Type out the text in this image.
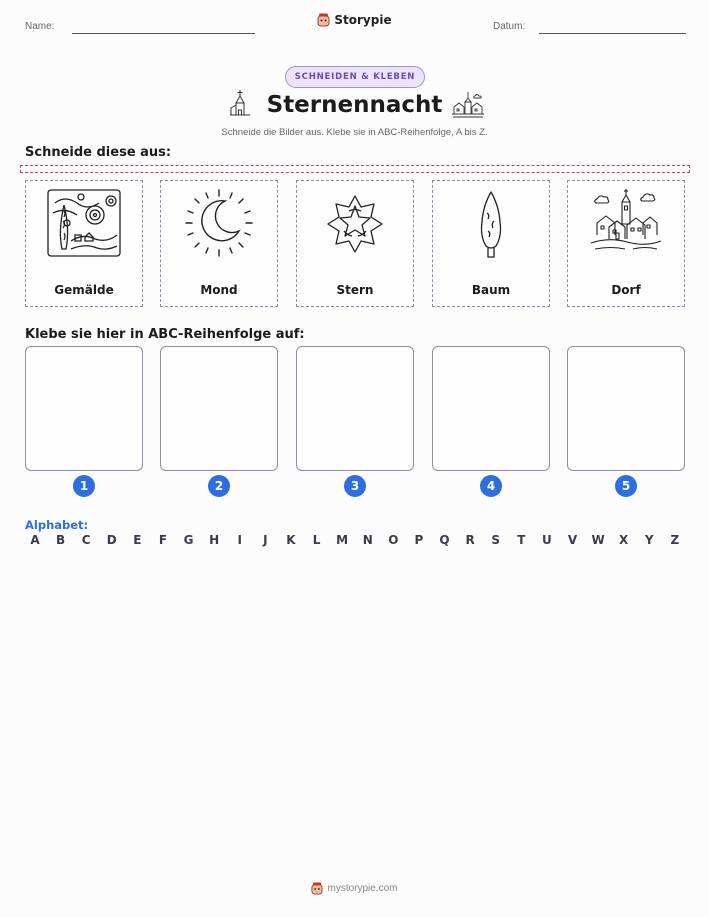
Name:	Storypie	Datum:
SCHNEIDEN & KLEBEN
Sternennacht
Schneide die Bilder aus. Klebe sie in ABC-Reihenfolge, A bis Z.
Schneide diese aus:
Gemälde	Mond	Stern	Baum	Dorf
Klebe sie hier in ABC-Reihenfolge auf:
1	2	3	4	5
Alphabet:
A	B	C	D	E	F	G	H	I	J	K	L	M	N	O	P	Q	R	S	T	U	V	W	X	Y	Z
mystorypie.com
